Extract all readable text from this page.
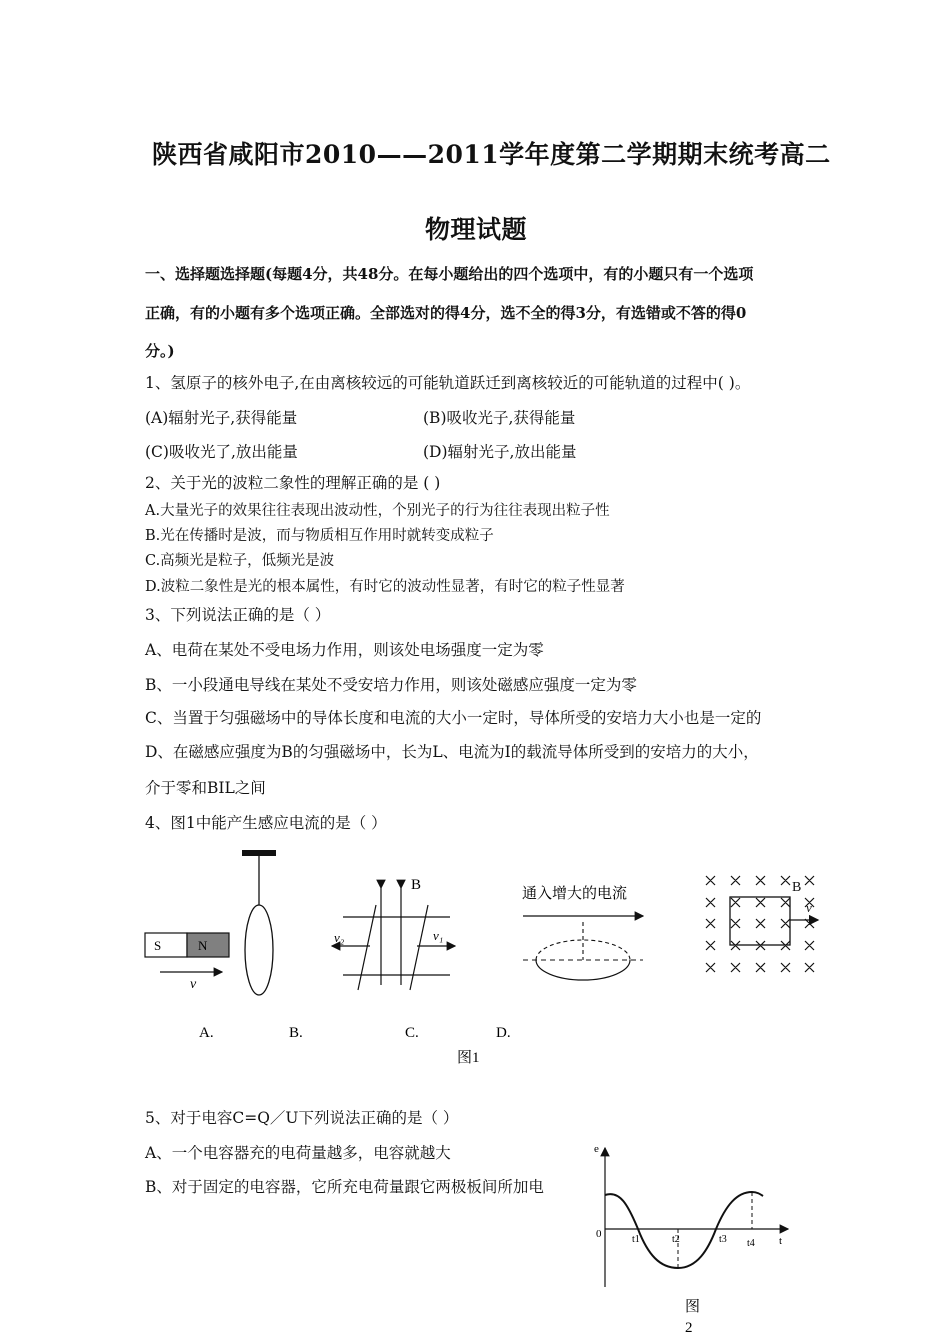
陕西省咸阳市2010——2011学年度第二学期期末统考高二
物理试题
一、选择题选择题(每题4分，共48分。在每小题给出的四个选项中，有的小题只有一个选项
正确，有的小题有多个选项正确。全部选对的得4分，选不全的得3分，有选错或不答的得0
分。)
1、氢原子的核外电子,在由离核较远的可能轨道跃迁到离核较近的可能轨道的过程中( )。
(A)辐射光子,获得能量	(B)吸收光子,获得能量
(C)吸收光了,放出能量	(D)辐射光子,放出能量
2、关于光的波粒二象性的理解正确的是 ( )
A.大量光子的效果往往表现出波动性，个别光子的行为往往表现出粒子性
B.光在传播时是波，而与物质相互作用时就转变成粒子
C.高频光是粒子，低频光是波
D.波粒二象性是光的根本属性，有时它的波动性显著，有时它的粒子性显著
3、下列说法正确的是（ ）
A、电荷在某处不受电场力作用，则该处电场强度一定为零
B、一小段通电导线在某处不受安培力作用，则该处磁感应强度一定为零
C、当置于匀强磁场中的导体长度和电流的大小一定时，导体所受的安培力大小也是一定的
D、在磁感应强度为B的匀强磁场中，长为L、电流为I的载流导体所受到的安培力的大小，
介于零和BIL之间
4、图1中能产生感应电流的是（ ）
S	N
v
B
v₂	v₁
通入增大的电流	B
v
A.	B.	C.	D.
图1
e
0
t
t1	t2	t3 t4
图
2
5、对于电容C=Q／U下列说法正确的是（ ）
A、一个电容器充的电荷量越多，电容就越大
B、对于固定的电容器，它所充电荷量跟它两极板间所加电
